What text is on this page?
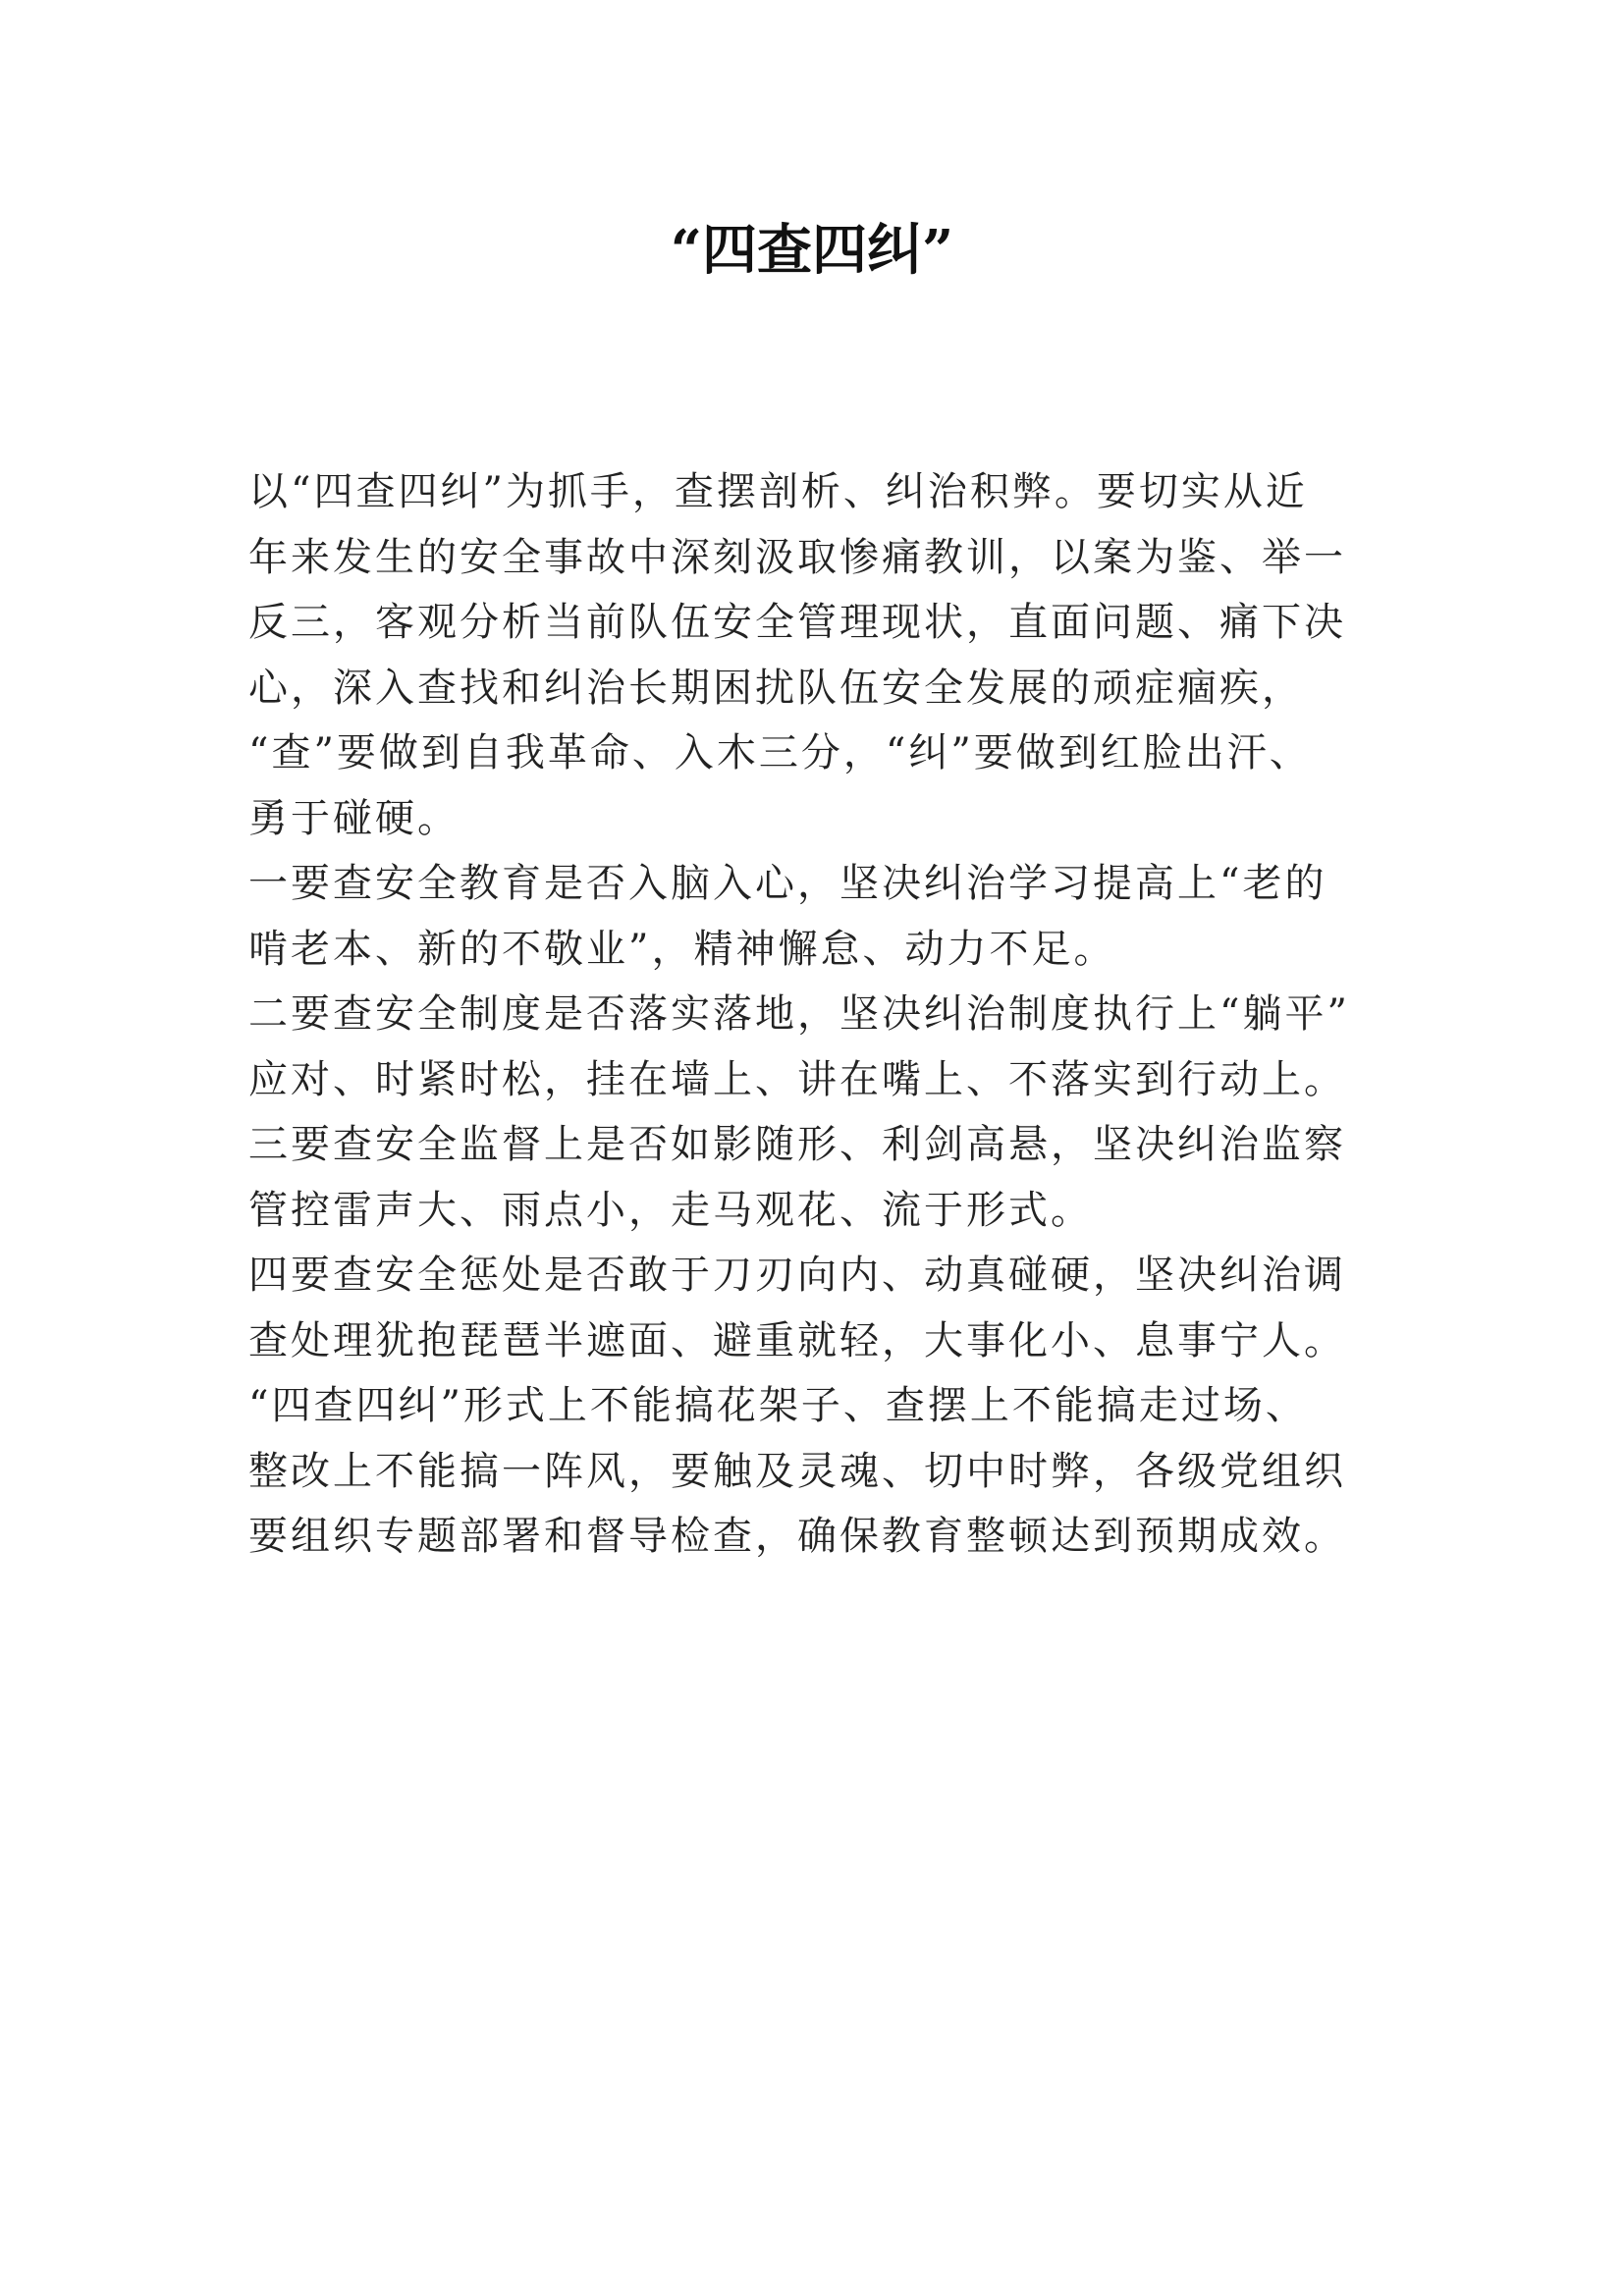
“四查四纠”
以“四查四纠”为抓手，查摆剖析、纠治积弊。要切实从近
年来发生的安全事故中深刻汲取惨痛教训，以案为鉴、举一
反三，客观分析当前队伍安全管理现状，直面问题、痛下决
心，深入查找和纠治长期困扰队伍安全发展的顽症痼疾，
“查”要做到自我革命、入木三分，“纠”要做到红脸出汗、
勇于碰硬。
一要查安全教育是否入脑入心，坚决纠治学习提高上“老的
啃老本、新的不敬业”，精神懈怠、动力不足。
二要查安全制度是否落实落地，坚决纠治制度执行上“躺平”
应对、时紧时松，挂在墙上、讲在嘴上、不落实到行动上。
三要查安全监督上是否如影随形、利剑高悬，坚决纠治监察
管控雷声大、雨点小，走马观花、流于形式。
四要查安全惩处是否敢于刀刃向内、动真碰硬，坚决纠治调
查处理犹抱琵琶半遮面、避重就轻，大事化小、息事宁人。
“四查四纠”形式上不能搞花架子、查摆上不能搞走过场、
整改上不能搞一阵风，要触及灵魂、切中时弊，各级党组织
要组织专题部署和督导检查，确保教育整顿达到预期成效。
